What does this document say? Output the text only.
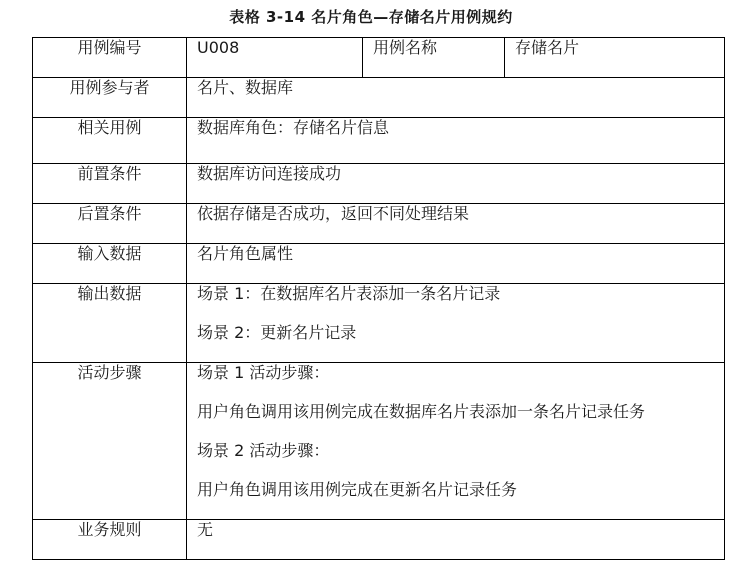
表格 3-14 名片角色—存储名片用例规约
用例编号	U008	用例名称	存储名片
用例参与者	名片、数据库		

相关用例	数据库角色：存储名片信息		

前置条件	数据库访问连接成功		

后置条件	依据存储是否成功，返回不同处理结果		

输入数据	名片角色属性		

输出数据	场景 1：在数据库名片表添加一条名片记录
场景 2：更新名片记录		

活动步骤	场景 1 活动步骤：
用户角色调用该用例完成在数据库名片表添加一条名片记录任务
场景 2 活动步骤：
用户角色调用该用例完成在更新名片记录任务		

业务规则	无		
